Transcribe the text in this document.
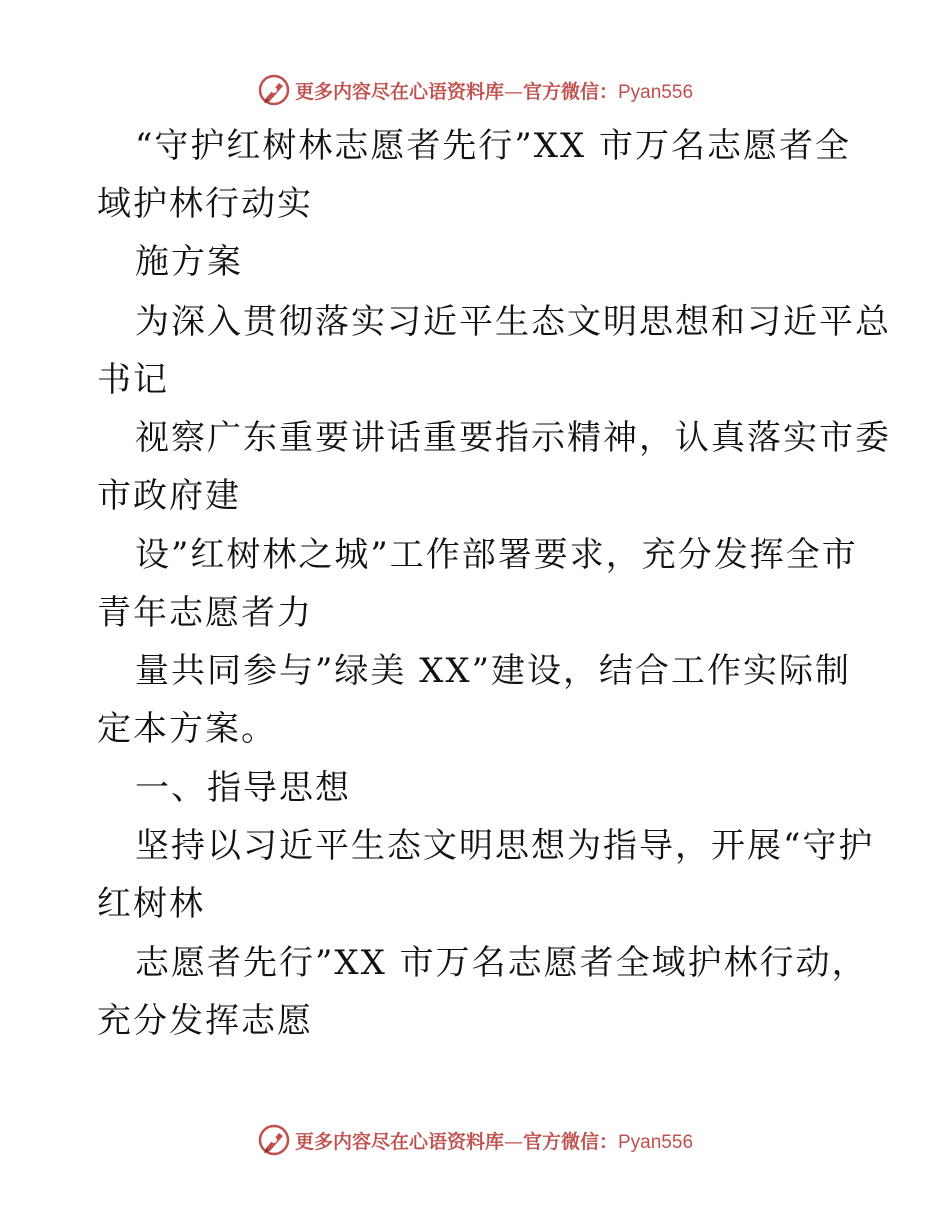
更多内容尽在心语资料库—官方微信：Pyan556
“守护红树林志愿者先行”XX 市万名志愿者全
域护林行动实
施方案
为深入贯彻落实习近平生态文明思想和习近平总
书记
视察广东重要讲话重要指示精神，认真落实市委
市政府建
设”红树林之城”工作部署要求，充分发挥全市
青年志愿者力
量共同参与”绿美 XX”建设，结合工作实际制
定本方案。
一、指导思想
坚持以习近平生态文明思想为指导，开展“守护
红树林
志愿者先行”XX 市万名志愿者全域护林行动，
充分发挥志愿
更多内容尽在心语资料库—官方微信：Pyan556
